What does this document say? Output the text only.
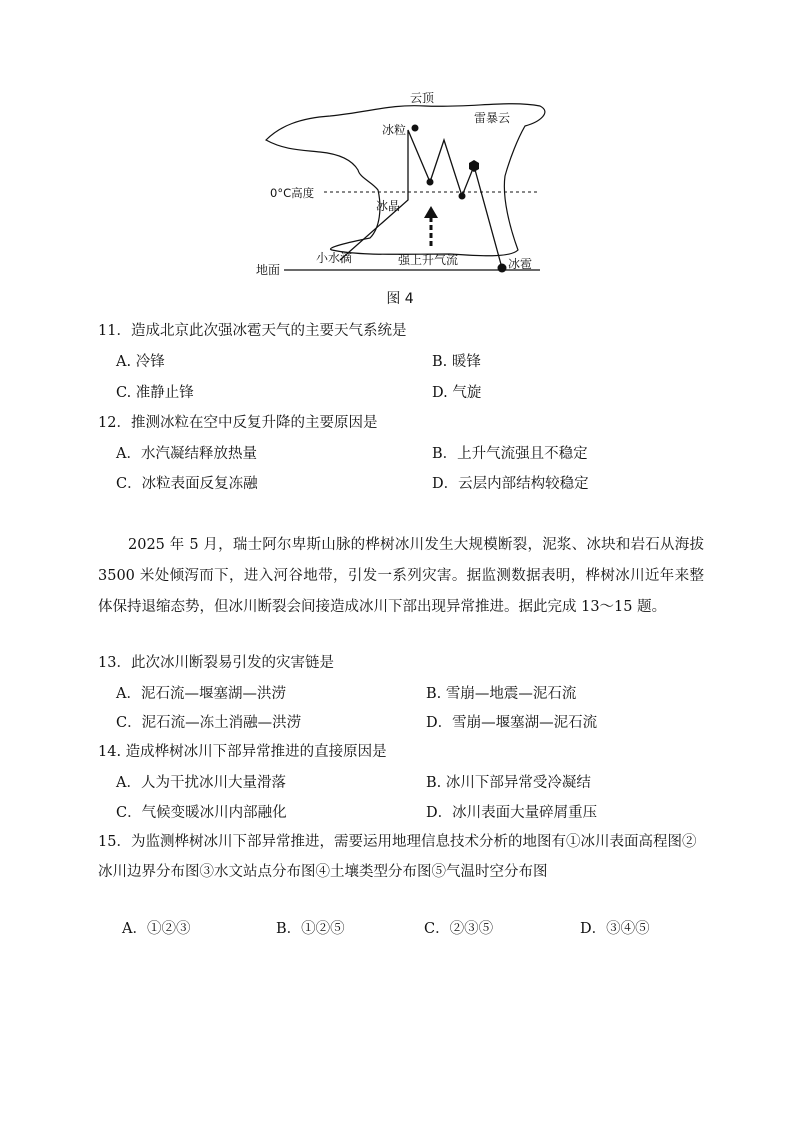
云顶
雷暴云
冰粒
0°C高度
冰晶
小水滴	强上升气流
地面	冰雹
图 4
11．造成北京此次强冰雹天气的主要天气系统是
A. 冷锋	B. 暖锋
C. 准静止锋	D. 气旋
12．推测冰粒在空中反复升降的主要原因是
A．水汽凝结释放热量	B．上升气流强且不稳定
C．冰粒表面反复冻融	D．云层内部结构较稳定
2025 年 5 月，瑞士阿尔卑斯山脉的桦树冰川发生大规模断裂，泥浆、冰块和岩石从海拔 3500 米处倾泻而下，进入河谷地带，引发一系列灾害。据监测数据表明，桦树冰川近年来整体保持退缩态势，但冰川断裂会间接造成冰川下部出现异常推进。据此完成 13～15 题。
13．此次冰川断裂易引发的灾害链是
A．泥石流—堰塞湖—洪涝	B. 雪崩—地震—泥石流
C．泥石流—冻土消融—洪涝	D．雪崩—堰塞湖—泥石流
14. 造成桦树冰川下部异常推进的直接原因是
A．人为干扰冰川大量滑落	B. 冰川下部异常受冷凝结
C．气候变暖冰川内部融化	D．冰川表面大量碎屑重压
15．为监测桦树冰川下部异常推进，需要运用地理信息技术分析的地图有①冰川表面高程图②冰川边界分布图③水文站点分布图④土壤类型分布图⑤气温时空分布图
A．①②③	B．①②⑤	C．②③⑤	D．③④⑤
